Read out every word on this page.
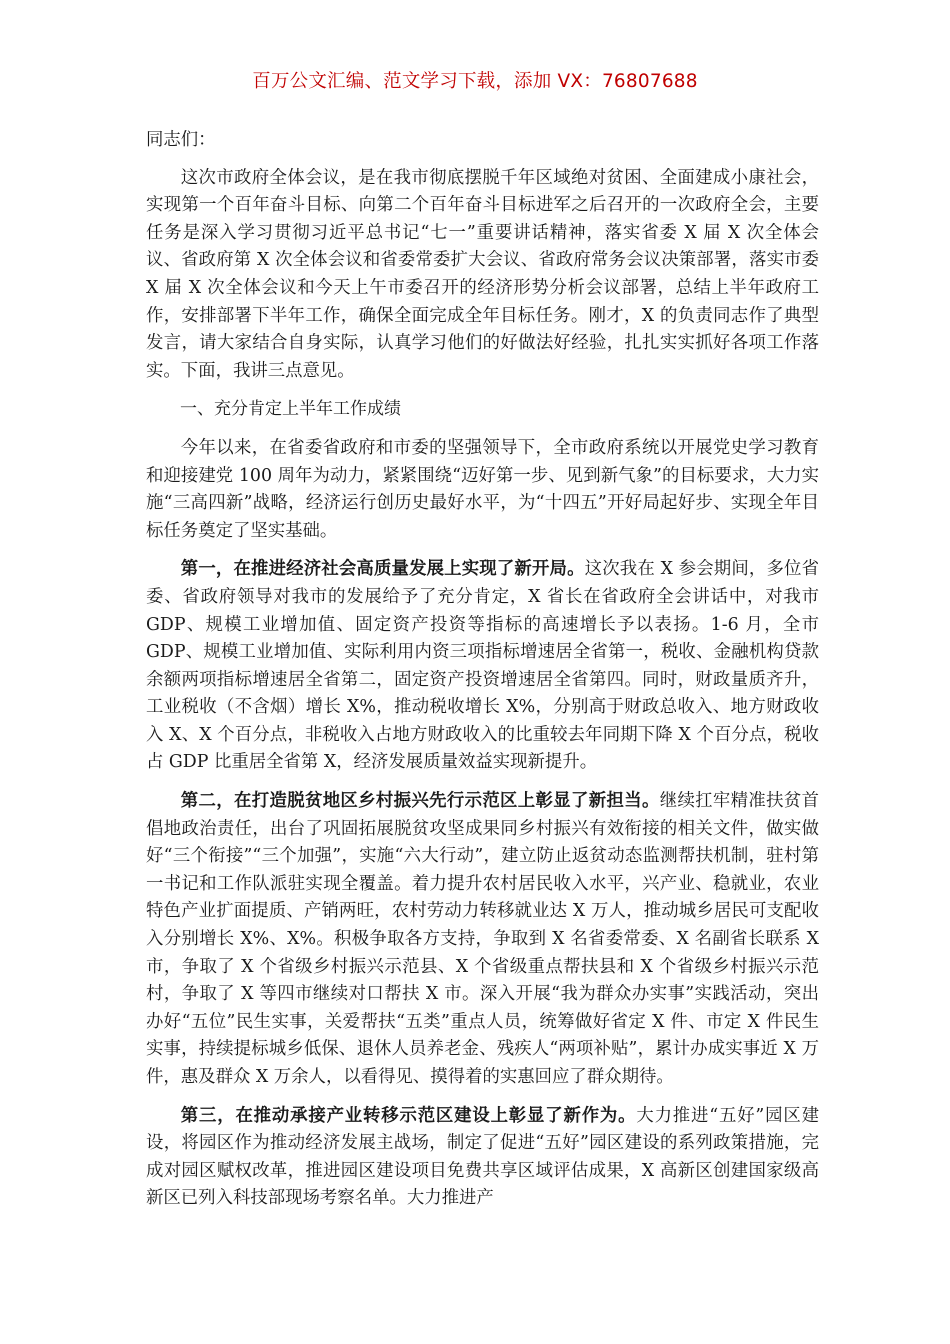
百万公文汇编、范文学习下载，添加 VX：76807688

同志们：

这次市政府全体会议，是在我市彻底摆脱千年区域绝对贫困、全面建成小康社会，实现第一个百年奋斗目标、向第二个百年奋斗目标进军之后召开的一次政府全会，主要任务是深入学习贯彻习近平总书记“七一”重要讲话精神，落实省委 X 届 X 次全体会议、省政府第 X 次全体会议和省委常委扩大会议、省政府常务会议决策部署，落实市委 X 届 X 次全体会议和今天上午市委召开的经济形势分析会议部署，总结上半年政府工作，安排部署下半年工作，确保全面完成全年目标任务。刚才，X 的负责同志作了典型发言，请大家结合自身实际，认真学习他们的好做法好经验，扎扎实实抓好各项工作落实。下面，我讲三点意见。

一、充分肯定上半年工作成绩

今年以来，在省委省政府和市委的坚强领导下，全市政府系统以开展党史学习教育和迎接建党 100 周年为动力，紧紧围绕“迈好第一步、见到新气象”的目标要求，大力实施“三高四新”战略，经济运行创历史最好水平，为“十四五”开好局起好步、实现全年目标任务奠定了坚实基础。

第一，在推进经济社会高质量发展上实现了新开局。这次我在 X 参会期间，多位省委、省政府领导对我市的发展给予了充分肯定，X 省长在省政府全会讲话中，对我市 GDP、规模工业增加值、固定资产投资等指标的高速增长予以表扬。1-6 月，全市 GDP、规模工业增加值、实际利用内资三项指标增速居全省第一，税收、金融机构贷款余额两项指标增速居全省第二，固定资产投资增速居全省第四。同时，财政量质齐升，工业税收（不含烟）增长 X%，推动税收增长 X%，分别高于财政总收入、地方财政收入 X、X 个百分点，非税收入占地方财政收入的比重较去年同期下降 X 个百分点，税收占 GDP 比重居全省第 X，经济发展质量效益实现新提升。

第二，在打造脱贫地区乡村振兴先行示范区上彰显了新担当。继续扛牢精准扶贫首倡地政治责任，出台了巩固拓展脱贫攻坚成果同乡村振兴有效衔接的相关文件，做实做好“三个衔接”“三个加强”，实施“六大行动”，建立防止返贫动态监测帮扶机制，驻村第一书记和工作队派驻实现全覆盖。着力提升农村居民收入水平，兴产业、稳就业，农业特色产业扩面提质、产销两旺，农村劳动力转移就业达 X 万人，推动城乡居民可支配收入分别增长 X%、X%。积极争取各方支持，争取到 X 名省委常委、X 名副省长联系 X 市，争取了 X 个省级乡村振兴示范县、X 个省级重点帮扶县和 X 个省级乡村振兴示范村，争取了 X 等四市继续对口帮扶 X 市。深入开展“我为群众办实事”实践活动，突出办好“五位”民生实事，关爱帮扶“五类”重点人员，统筹做好省定 X 件、市定 X 件民生实事，持续提标城乡低保、退休人员养老金、残疾人“两项补贴”，累计办成实事近 X 万件，惠及群众 X 万余人，以看得见、摸得着的实惠回应了群众期待。

第三，在推动承接产业转移示范区建设上彰显了新作为。大力推进“五好”园区建设，将园区作为推动经济发展主战场，制定了促进“五好”园区建设的系列政策措施，完成对园区赋权改革，推进园区建设项目免费共享区域评估成果，X 高新区创建国家级高新区已列入科技部现场考察名单。大力推进产
